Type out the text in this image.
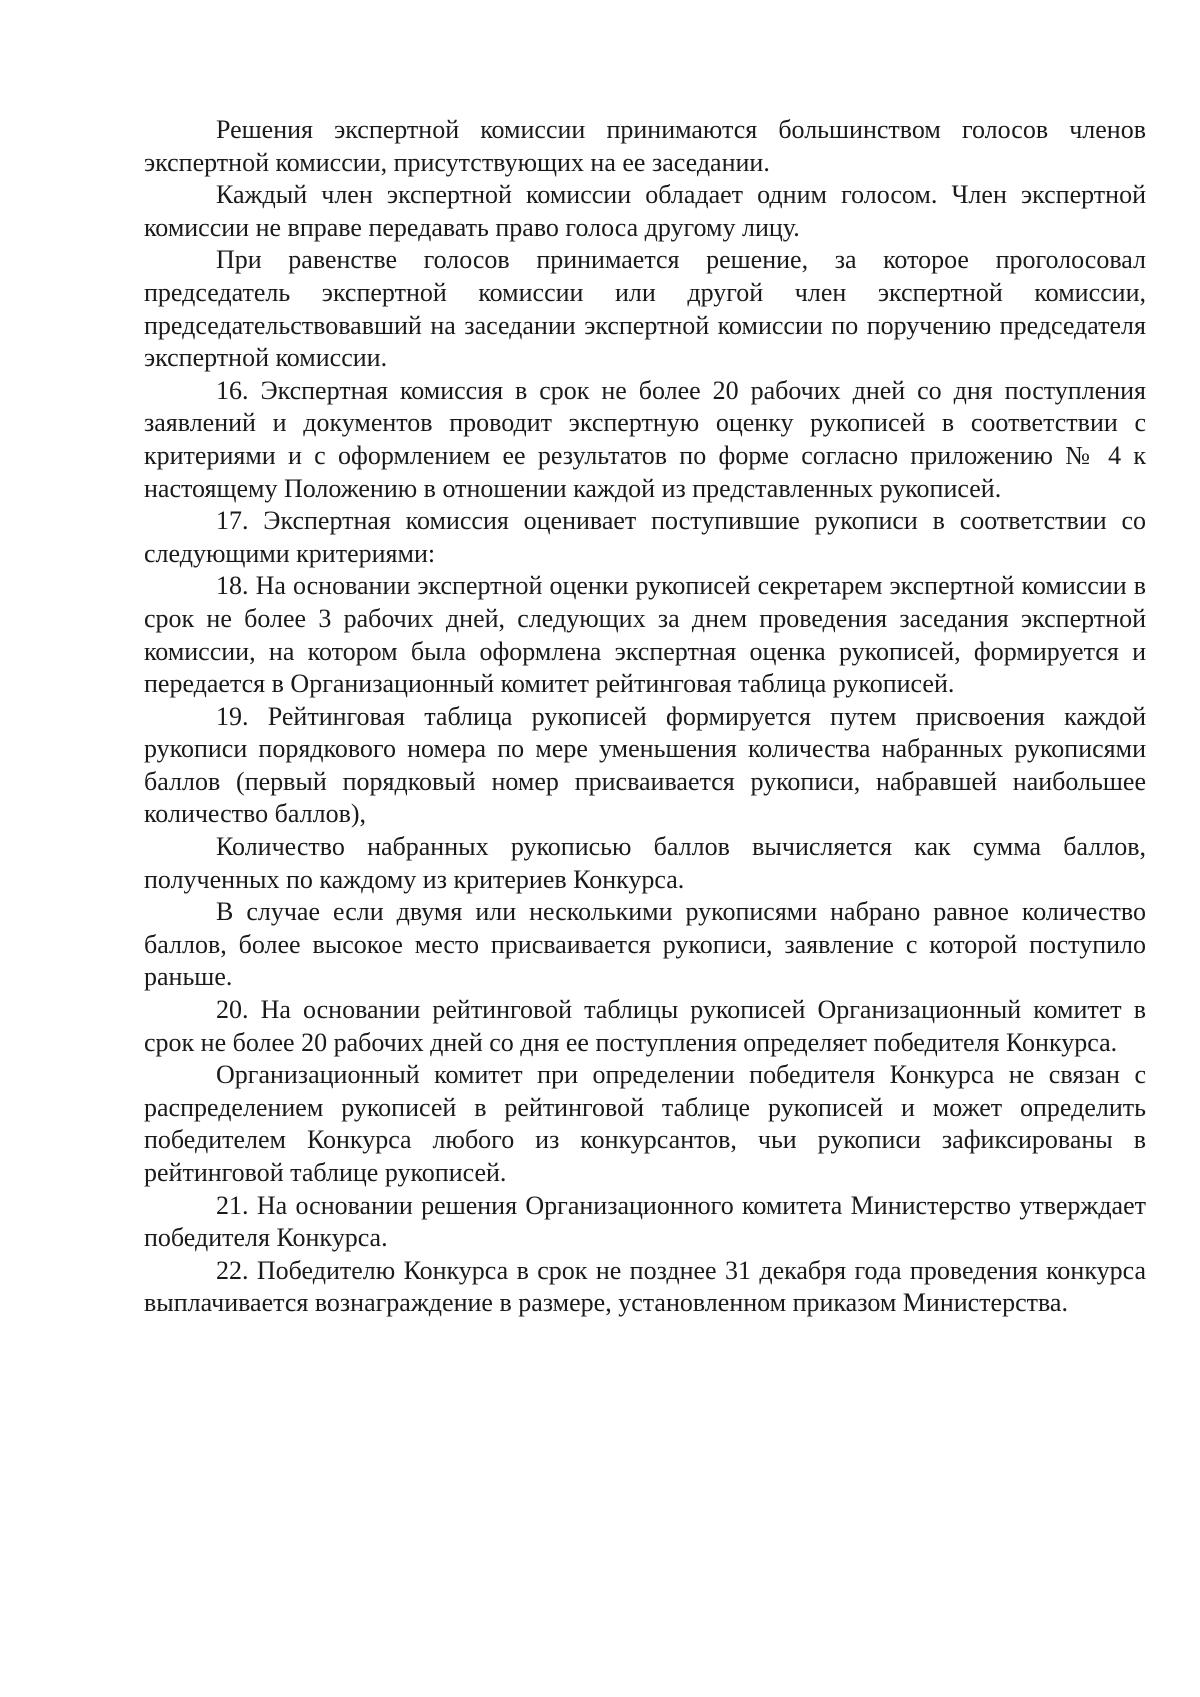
Решения экспертной комиссии принимаются большинством голосов членов экспертной комиссии, присутствующих на ее заседании.

Каждый член экспертной комиссии обладает одним голосом. Член экспертной комиссии не вправе передавать право голоса другому лицу.

При равенстве голосов принимается решение, за которое проголосовал председатель экспертной комиссии или другой член экспертной комиссии, председательствовавший на заседании экспертной комиссии по поручению председателя экспертной комиссии.

16. Экспертная комиссия в срок не более 20 рабочих дней со дня поступления заявлений и документов проводит экспертную оценку рукописей в соответствии с критериями и с оформлением ее результатов по форме согласно приложению № 4 к настоящему Положению в отношении каждой из представленных рукописей.

17. Экспертная комиссия оценивает поступившие рукописи в соответствии со следующими критериями:

18. На основании экспертной оценки рукописей секретарем экспертной комиссии в срок не более 3 рабочих дней, следующих за днем проведения заседания экспертной комиссии, на котором была оформлена экспертная оценка рукописей, формируется и передается в Организационный комитет рейтинговая таблица рукописей.

19. Рейтинговая таблица рукописей формируется путем присвоения каждой рукописи порядкового номера по мере уменьшения количества набранных рукописями баллов (первый порядковый номер присваивается рукописи, набравшей наибольшее количество баллов),

Количество набранных рукописью баллов вычисляется как сумма баллов, полученных по каждому из критериев Конкурса.

В случае если двумя или несколькими рукописями набрано равное количество баллов, более высокое место присваивается рукописи, заявление с которой поступило раньше.

20. На основании рейтинговой таблицы рукописей Организационный комитет в срок не более 20 рабочих дней со дня ее поступления определяет победителя Конкурса.

Организационный комитет при определении победителя Конкурса не связан с распределением рукописей в рейтинговой таблице рукописей и может определить победителем Конкурса любого из конкурсантов, чьи рукописи зафиксированы в рейтинговой таблице рукописей.

21. На основании решения Организационного комитета Министерство утверждает победителя Конкурса.

22. Победителю Конкурса в срок не позднее 31 декабря года проведения конкурса выплачивается вознаграждение в размере, установленном приказом Министерства.
